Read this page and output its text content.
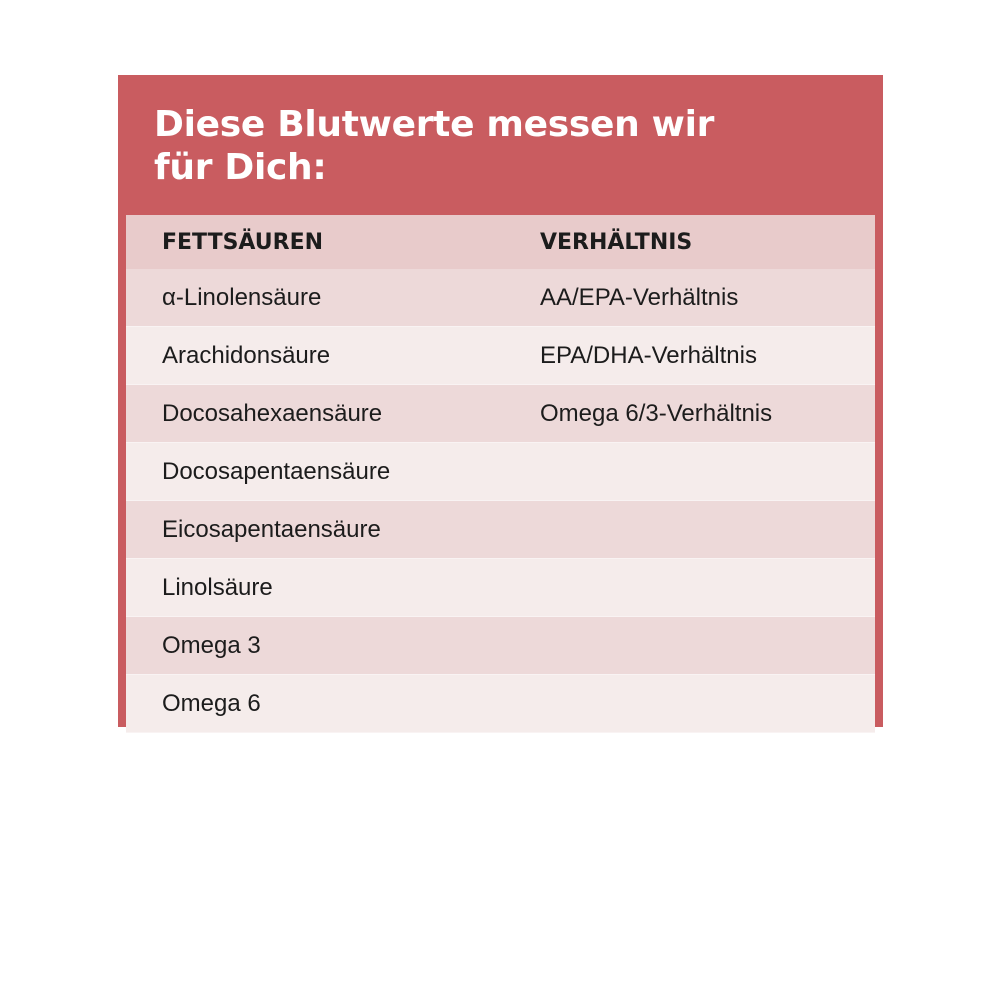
Diese Blutwerte messen wir
für Dich:
FETTSÄUREN	VERHÄLTNIS
α-Linolensäure	AA/EPA-Verhältnis
Arachidonsäure	EPA/DHA-Verhältnis
Docosahexaensäure	Omega 6/3-Verhältnis
Docosapentaensäure	
Eicosapentaensäure	
Linolsäure	
Omega 3	
Omega 6	
